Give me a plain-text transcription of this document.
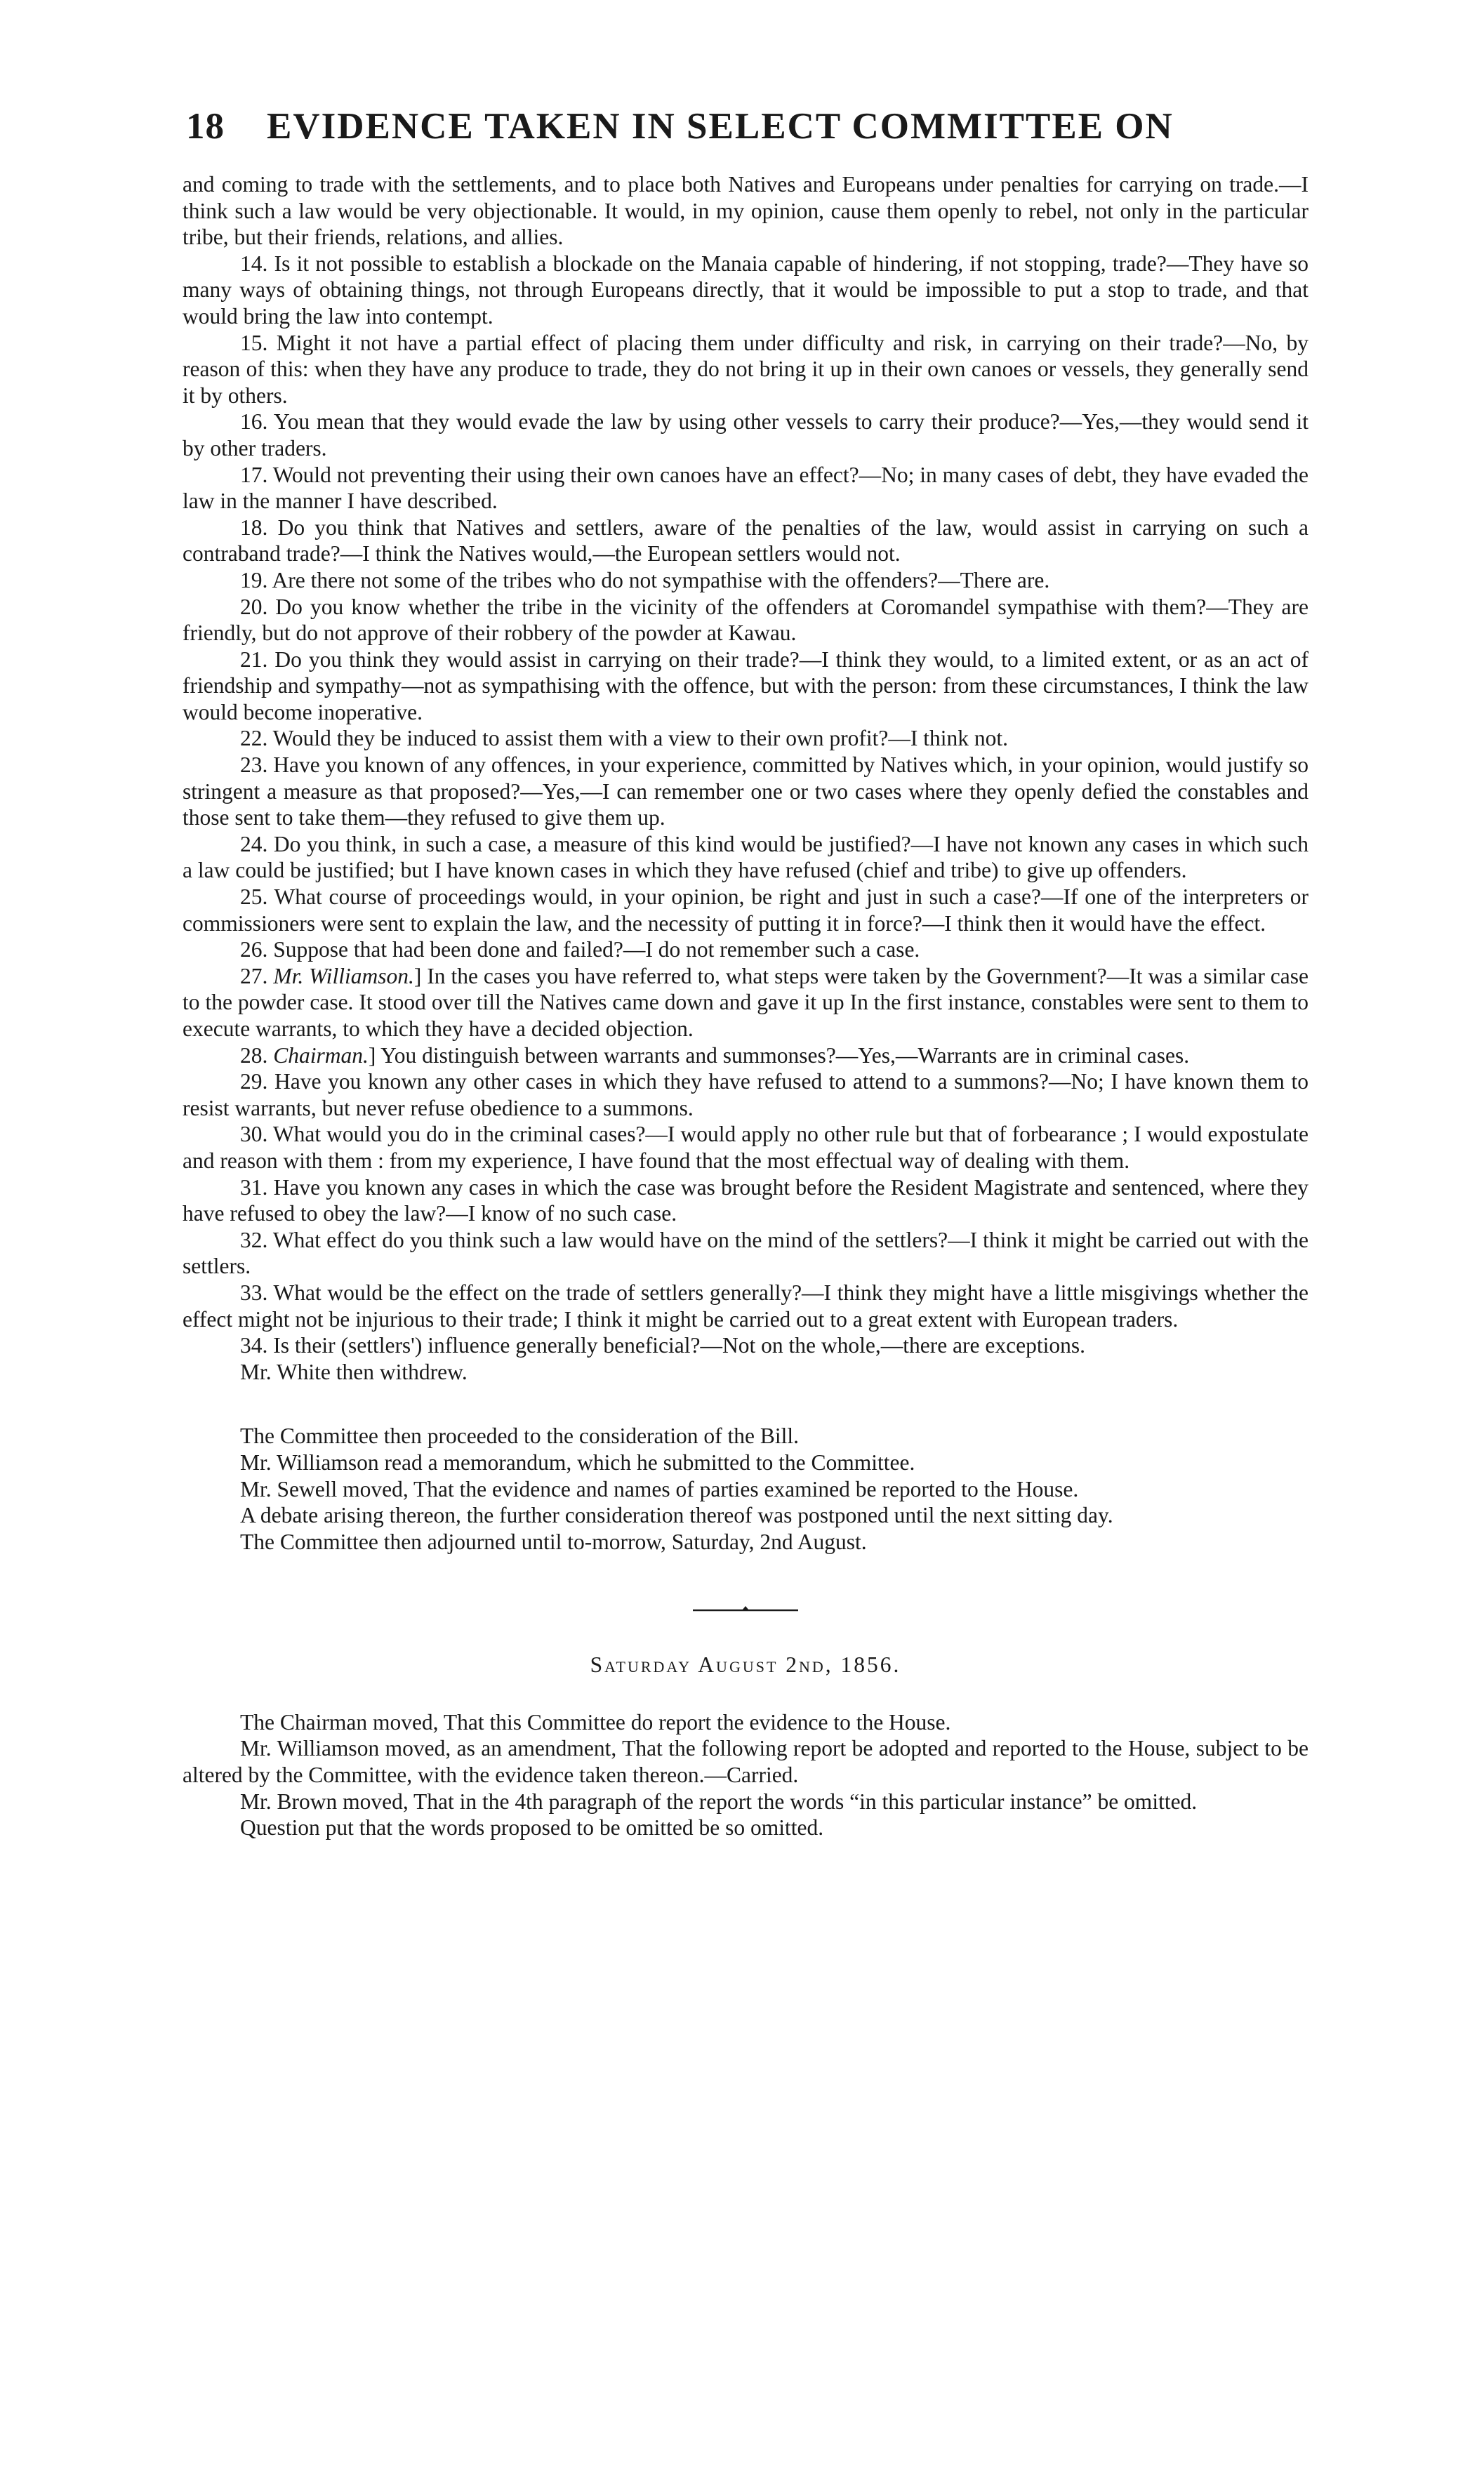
18 EVIDENCE TAKEN IN SELECT COMMITTEE ON

and coming to trade with the settlements, and to place both Natives and Europeans under penalties for carrying on trade.—I think such a law would be very objectionable. It would, in my opinion, cause them openly to rebel, not only in the particular tribe, but their friends, relations, and allies.

14. Is it not possible to establish a blockade on the Manaia capable of hindering, if not stopping, trade?—They have so many ways of obtaining things, not through Europeans directly, that it would be impossible to put a stop to trade, and that would bring the law into contempt.

15. Might it not have a partial effect of placing them under difficulty and risk, in carrying on their trade?—No, by reason of this: when they have any produce to trade, they do not bring it up in their own canoes or vessels, they generally send it by others.

16. You mean that they would evade the law by using other vessels to carry their produce?—Yes,—they would send it by other traders.

17. Would not preventing their using their own canoes have an effect?—No; in many cases of debt, they have evaded the law in the manner I have described.

18. Do you think that Natives and settlers, aware of the penalties of the law, would assist in carrying on such a contraband trade?—I think the Natives would,—the European settlers would not.

19. Are there not some of the tribes who do not sympathise with the offenders?—There are.

20. Do you know whether the tribe in the vicinity of the offenders at Coromandel sympathise with them?—They are friendly, but do not approve of their robbery of the powder at Kawau.

21. Do you think they would assist in carrying on their trade?—I think they would, to a limited extent, or as an act of friendship and sympathy—not as sympathising with the offence, but with the person: from these circumstances, I think the law would become inoperative.

22. Would they be induced to assist them with a view to their own profit?—I think not.

23. Have you known of any offences, in your experience, committed by Natives which, in your opinion, would justify so stringent a measure as that proposed?—Yes,—I can remember one or two cases where they openly defied the constables and those sent to take them—they refused to give them up.

24. Do you think, in such a case, a measure of this kind would be justified?—I have not known any cases in which such a law could be justified; but I have known cases in which they have refused (chief and tribe) to give up offenders.

25. What course of proceedings would, in your opinion, be right and just in such a case?—If one of the interpreters or commissioners were sent to explain the law, and the necessity of putting it in force?—I think then it would have the effect.

26. Suppose that had been done and failed?—I do not remember such a case.

27. Mr. Williamson.] In the cases you have referred to, what steps were taken by the Government?—It was a similar case to the powder case. It stood over till the Natives came down and gave it up In the first instance, constables were sent to them to execute warrants, to which they have a decided objection.

28. Chairman.] You distinguish between warrants and summonses?—Yes,—Warrants are in criminal cases.

29. Have you known any other cases in which they have refused to attend to a summons?—No; I have known them to resist warrants, but never refuse obedience to a summons.

30. What would you do in the criminal cases?—I would apply no other rule but that of forbearance ; I would expostulate and reason with them : from my experience, I have found that the most effectual way of dealing with them.

31. Have you known any cases in which the case was brought before the Resident Magistrate and sentenced, where they have refused to obey the law?—I know of no such case.

32. What effect do you think such a law would have on the mind of the settlers?—I think it might be carried out with the settlers.

33. What would be the effect on the trade of settlers generally?—I think they might have a little misgivings whether the effect might not be injurious to their trade; I think it might be carried out to a great extent with European traders.

34. Is their (settlers') influence generally beneficial?—Not on the whole,—there are exceptions.

Mr. White then withdrew.

The Committee then proceeded to the consideration of the Bill.

Mr. Williamson read a memorandum, which he submitted to the Committee.

Mr. Sewell moved, That the evidence and names of parties examined be reported to the House.

A debate arising thereon, the further consideration thereof was postponed until the next sitting day.

The Committee then adjourned until to-morrow, Saturday, 2nd August.

Saturday August 2nd, 1856.

The Chairman moved, That this Committee do report the evidence to the House.

Mr. Williamson moved, as an amendment, That the following report be adopted and reported to the House, subject to be altered by the Committee, with the evidence taken thereon.—Carried.

Mr. Brown moved, That in the 4th paragraph of the report the words “in this particular instance” be omitted.

Question put that the words proposed to be omitted be so omitted.
